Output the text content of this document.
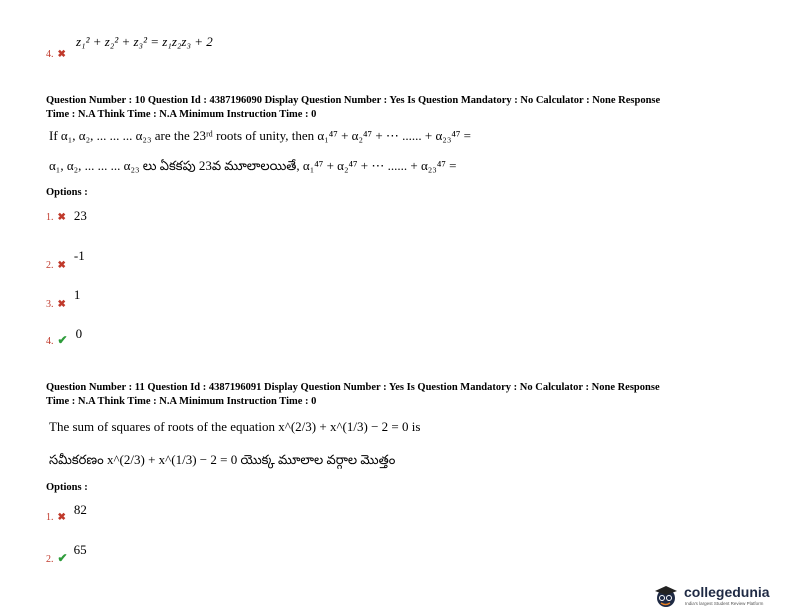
4. ✖
z₁² + z₂² + z₃² = z₁z₂z₃ + 2
Question Number : 10 Question Id : 4387196090 Display Question Number : Yes Is Question Mandatory : No Calculator : None Response
Time : N.A Think Time : N.A Minimum Instruction Time : 0
If α₁, α₂, ... ... ... α₂₃ are the 23ʳᵈ roots of unity, then α₁⁴⁷ + α₂⁴⁷ + ⋯ ...... + α₂₃⁴⁷ =
α₁, α₂, ... ... ... α₂₃ లు ఏకకపు 23వ మూలాలయితే, α₁⁴⁷ + α₂⁴⁷ + ⋯ ...... + α₂₃⁴⁷ =
Options :
1. ✖ 23
$_{2.}$ $_✖$ -1
$_{3.}$ $_✖$ 1
$_{4.}$ $_✔$ 0
Question Number : 11 Question Id : 4387196091 Display Question Number : Yes Is Question Mandatory : No Calculator : None Response
Time : N.A Think Time : N.A Minimum Instruction Time : 0
The sum of squares of roots of the equation x^(2/3) + x^(1/3) − 2 = 0 is
సమీకరణం x^(2/3) + x^(1/3) − 2 = 0 యొక్క మూలాల వర్గాల మొత్తం
Options :
$_{1.}$ $_✖$ 82
$_{2.}$ $_✔$ 65
collegedunia
India's largest Student Review Platform
